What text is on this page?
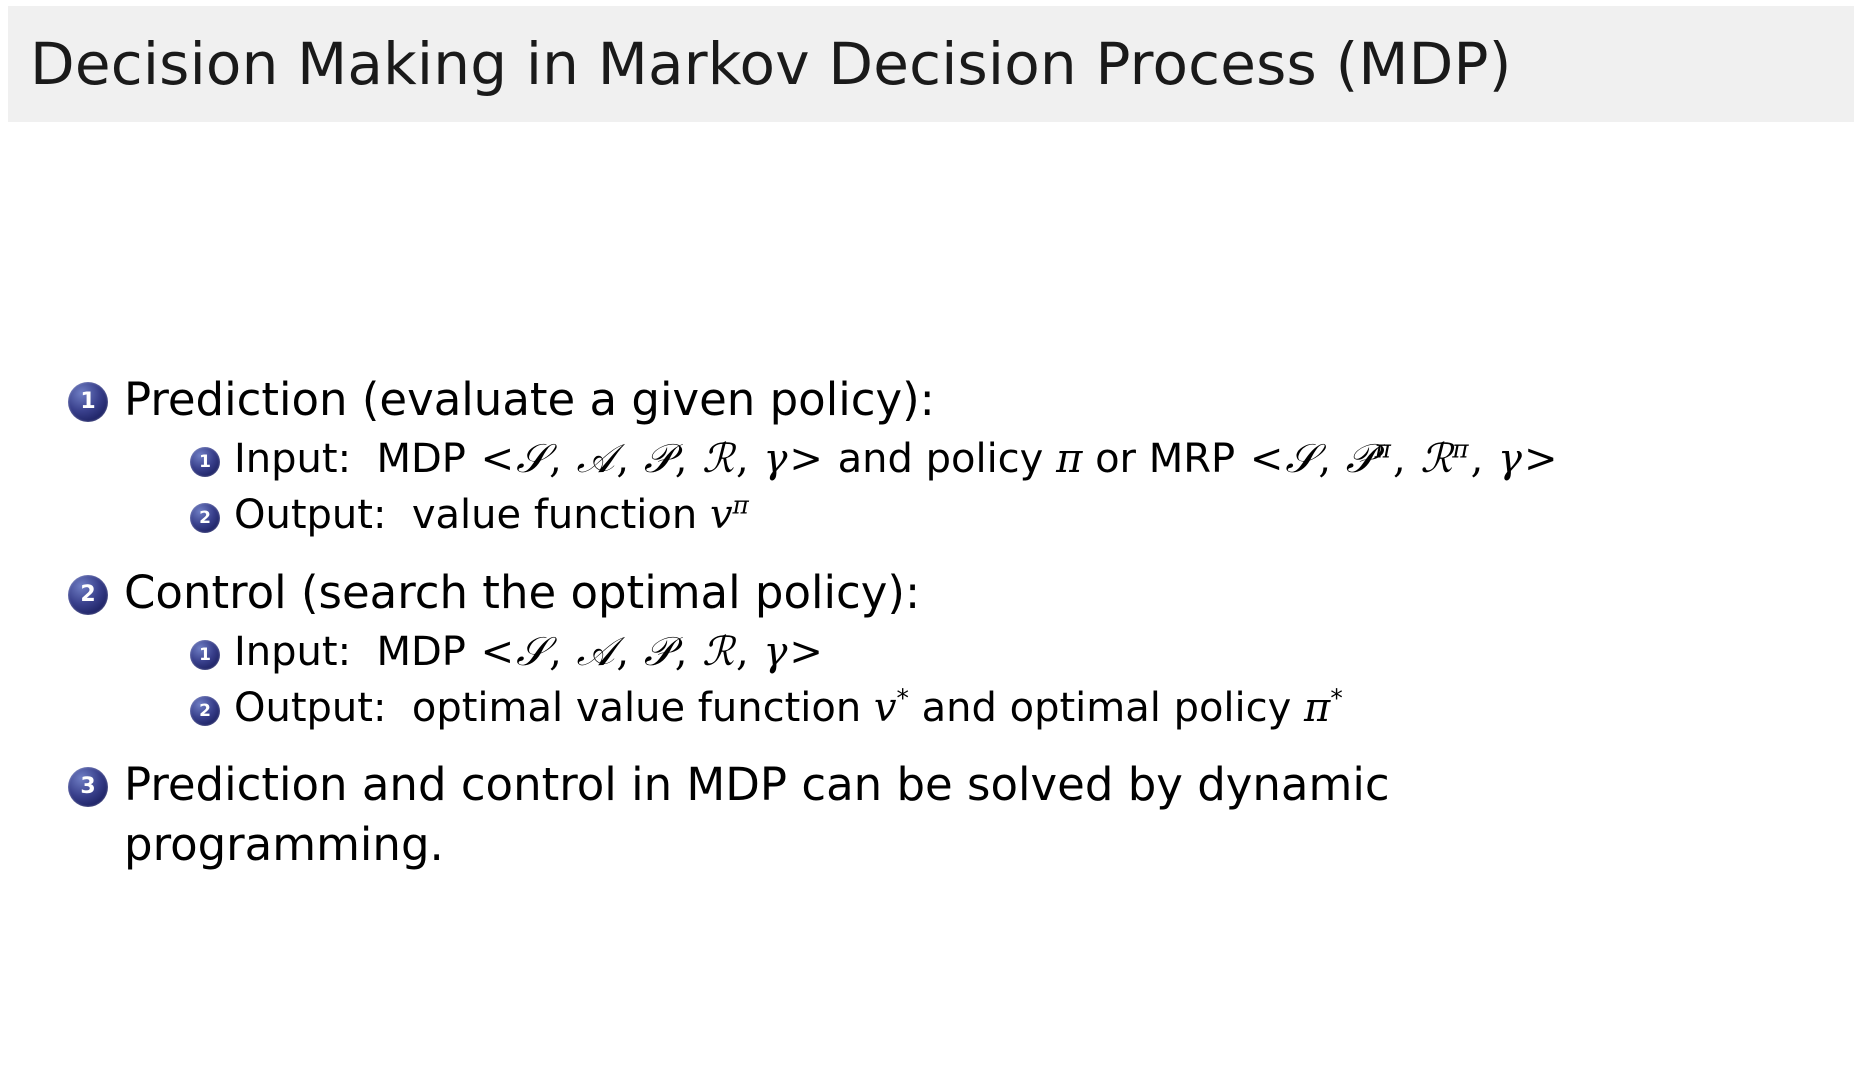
Decision Making in Markov Decision Process (MDP)
1 Prediction (evaluate a given policy):
1 Input:  MDP <𝒮, 𝒜, 𝒫, ℛ, γ> and policy π or MRP <𝒮, 𝒫$^\pi$, ℛ$^\pi$, γ>
2 Output:  value function $v^\pi$
2 Control (search the optimal policy):
1 Input:  MDP <𝒮, 𝒜, 𝒫, ℛ, γ>
2 Output:  optimal value function v* and optimal policy π*
3 Prediction and control in MDP can be solved by dynamic programming.
